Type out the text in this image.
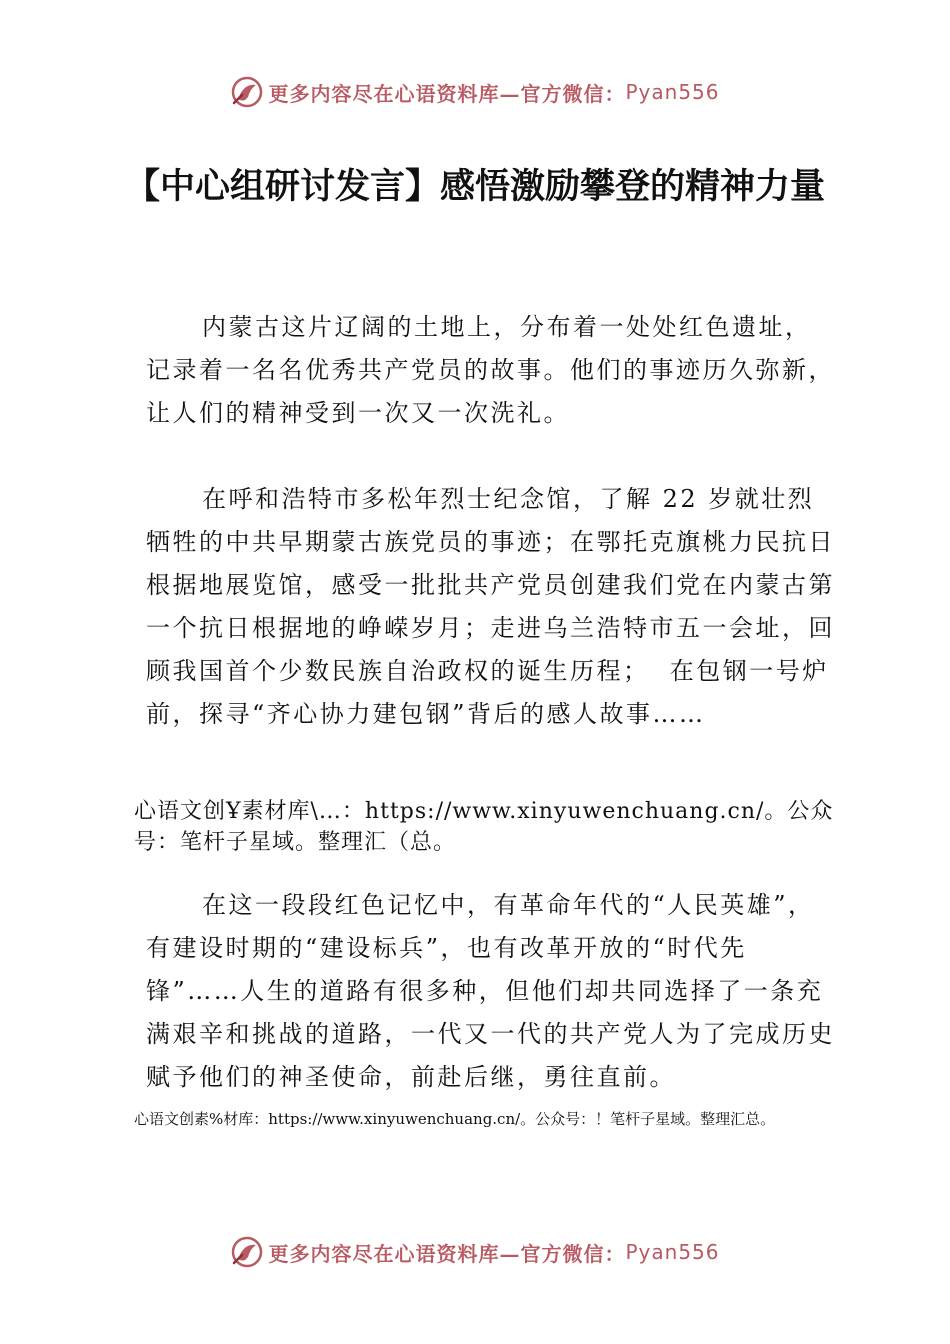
更多内容尽在心语资料库—官方微信： Pyan556
【中心组研讨发言】感悟激励攀登的精神力量
内蒙古这片辽阔的土地上，分布着一处处红色遗址，记录着一名名优秀共产党员的故事。他们的事迹历久弥新，让人们的精神受到一次又一次洗礼。
在呼和浩特市多松年烈士纪念馆，了解 22 岁就壮烈牺牲的中共早期蒙古族党员的事迹；在鄂托克旗桃力民抗日根据地展览馆，感受一批批共产党员创建我们党在内蒙古第一个抗日根据地的峥嵘岁月；走进乌兰浩特市五一会址，回顾我国首个少数民族自治政权的诞生历程；  在包钢一号炉前，探寻“齐心协力建包钢”背后的感人故事……
心语文创Ұ素材库\…：https://www.xinyuwenchuang.cn/。公众号：笔杆子星域。整理汇（总。
在这一段段红色记忆中，有革命年代的“人民英雄”，有建设时期的“建设标兵”，也有改革开放的“时代先锋”……人生的道路有很多种，但他们却共同选择了一条充满艰辛和挑战的道路，一代又一代的共产党人为了完成历史赋予他们的神圣使命，前赴后继，勇往直前。
心语文创素%材库：https://www.xinyuwenchuang.cn/。公众号：！笔杆子星域。整理汇总。
更多内容尽在心语资料库—官方微信： Pyan556
